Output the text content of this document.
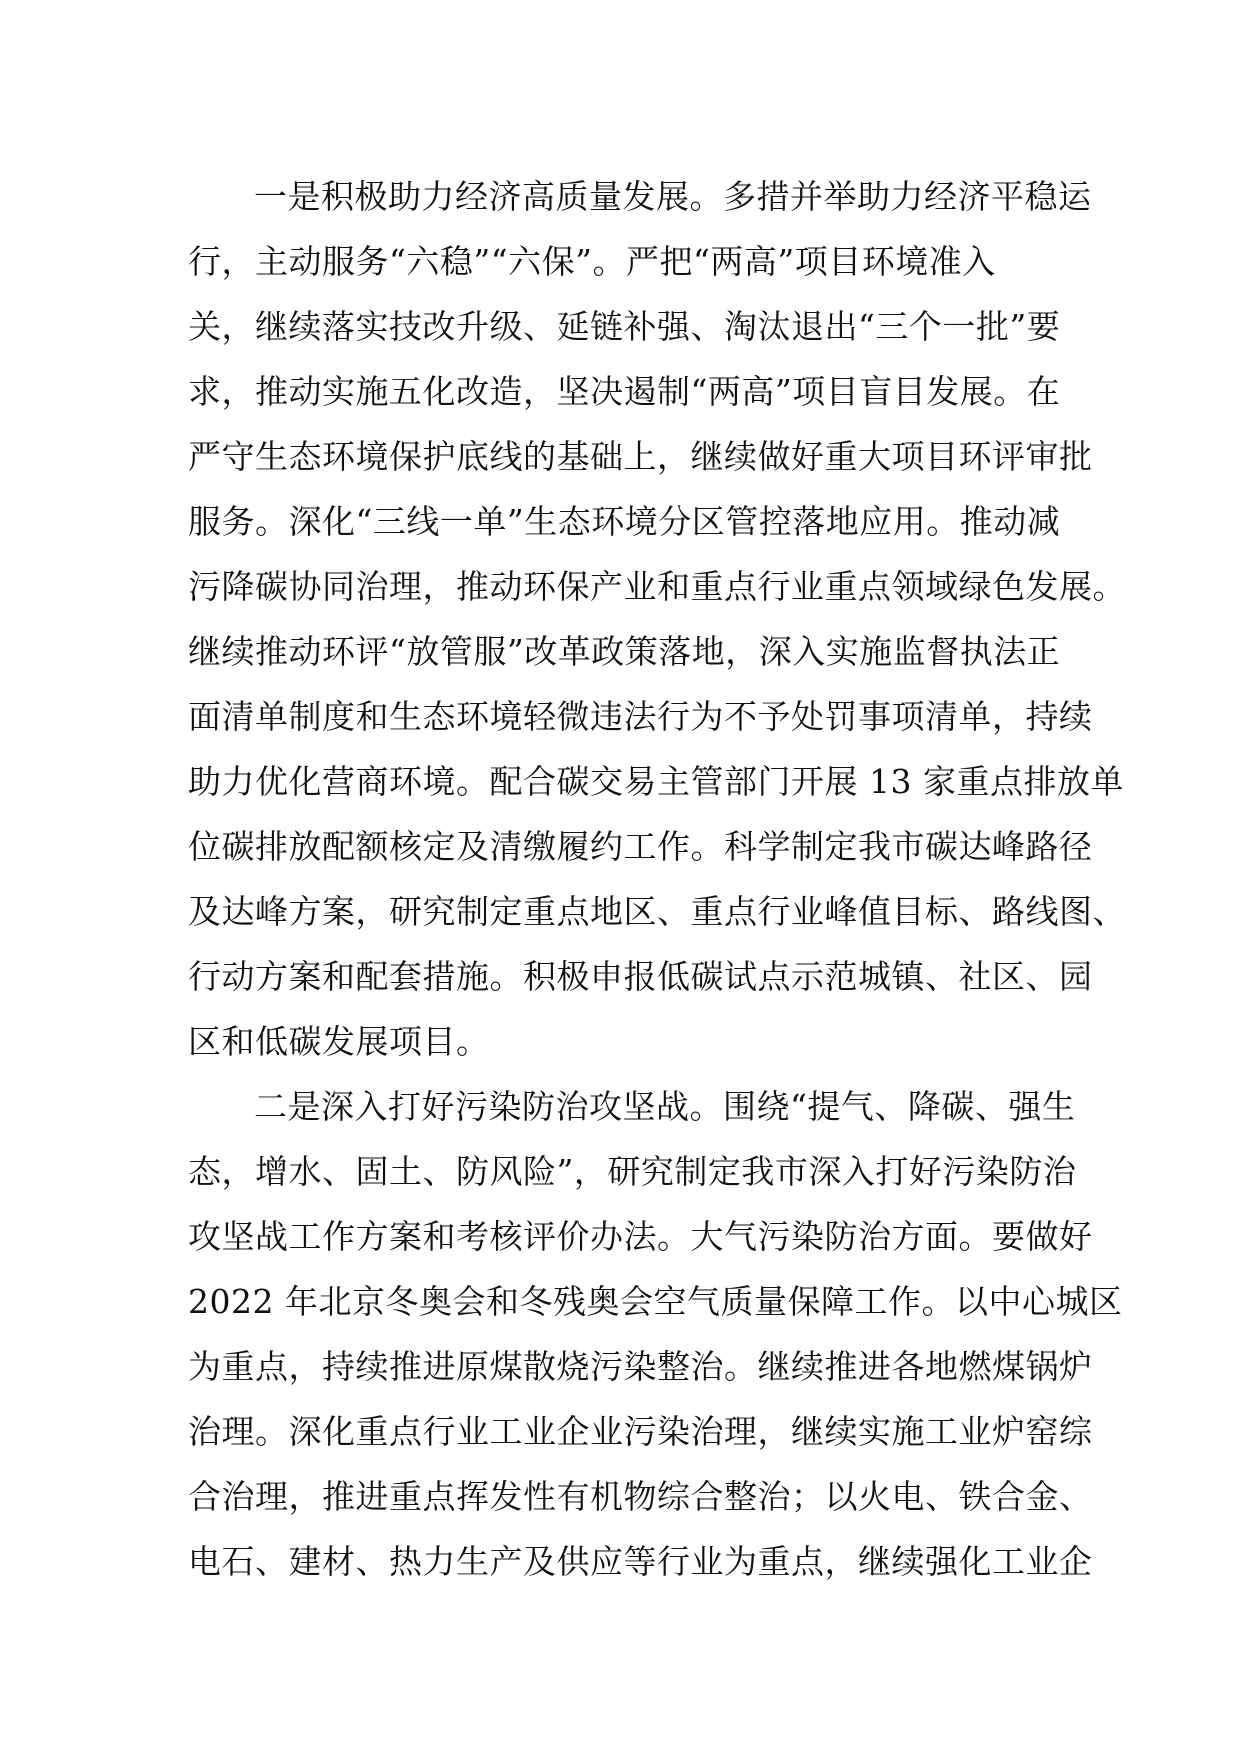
一是积极助力经济高质量发展。多措并举助力经济平稳运
行，主动服务“六稳”“六保”。严把“两高”项目环境准入
关，继续落实技改升级、延链补强、淘汰退出“三个一批”要
求，推动实施五化改造，坚决遏制“两高”项目盲目发展。在
严守生态环境保护底线的基础上，继续做好重大项目环评审批
服务。深化“三线一单”生态环境分区管控落地应用。推动减
污降碳协同治理，推动环保产业和重点行业重点领域绿色发展。
继续推动环评“放管服”改革政策落地，深入实施监督执法正
面清单制度和生态环境轻微违法行为不予处罚事项清单，持续
助力优化营商环境。配合碳交易主管部门开展 13 家重点排放单
位碳排放配额核定及清缴履约工作。科学制定我市碳达峰路径
及达峰方案，研究制定重点地区、重点行业峰值目标、路线图、
行动方案和配套措施。积极申报低碳试点示范城镇、社区、园
区和低碳发展项目。
二是深入打好污染防治攻坚战。围绕“提气、降碳、强生
态，增水、固土、防风险”，研究制定我市深入打好污染防治
攻坚战工作方案和考核评价办法。大气污染防治方面。要做好
2022 年北京冬奥会和冬残奥会空气质量保障工作。以中心城区
为重点，持续推进原煤散烧污染整治。继续推进各地燃煤锅炉
治理。深化重点行业工业企业污染治理，继续实施工业炉窑综
合治理，推进重点挥发性有机物综合整治；以火电、铁合金、
电石、建材、热力生产及供应等行业为重点，继续强化工业企
